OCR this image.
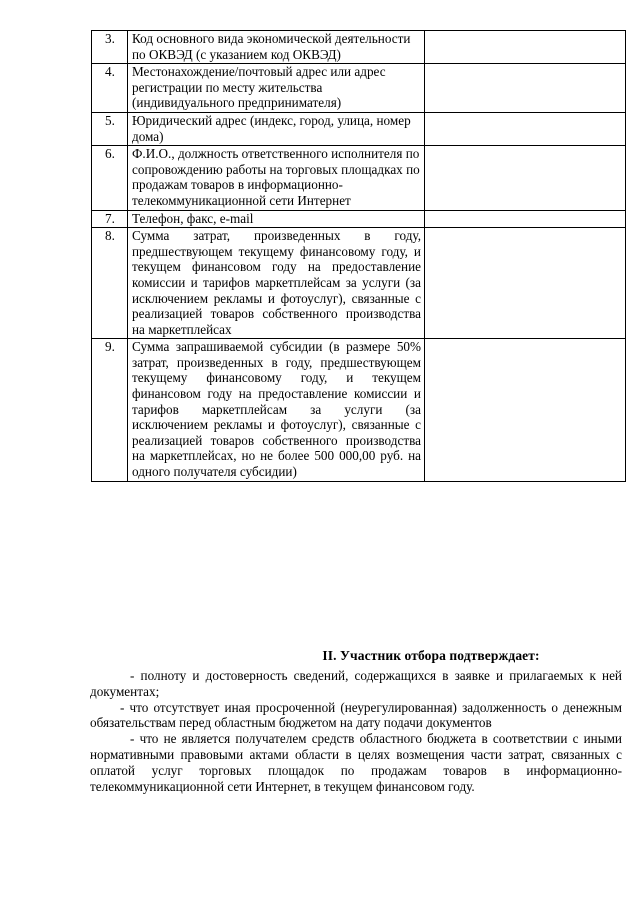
3.	Код основного вида экономической деятельности по ОКВЭД (с указанием код ОКВЭД)	
4.	Местонахождение/почтовый адрес или адрес регистрации по месту жительства (индивидуального предпринимателя)	
5.	Юридический адрес (индекс, город, улица, номер дома)	
6.	Ф.И.О., должность ответственного исполнителя по сопровождению работы на торговых площадках по продажам товаров в информационно-телекоммуникационной сети Интернет	
7.	Телефон, факс, e-mail	
8.	Сумма затрат, произведенных в году, предшествующем текущему финансовому году, и текущем финансовом году на предоставление комиссии и тарифов маркетплейсам за услуги (за исключением рекламы и фотоуслуг), связанные с реализацией товаров собственного производства на маркетплейсах	
9.	Сумма запрашиваемой субсидии (в размере 50% затрат, произведенных в году, предшествующем текущему финансовому году, и текущем финансовом году на предоставление комиссии и тарифов маркетплейсам за услуги (за исключением рекламы и фотоуслуг), связанные с реализацией товаров собственного производства на маркетплейсах, но не более 500 000,00 руб. на одного получателя субсидии)	
II. Участник отбора подтверждает:

- полноту и достоверность сведений, содержащихся в заявке и прилагаемых к ней документах;

- что отсутствует иная просроченной (неурегулированная) задолженность о денежным обязательствам перед областным бюджетом на дату подачи документов

- что не является получателем средств областного бюджета в соответствии с иными нормативными правовыми актами области в целях возмещения части затрат, связанных с оплатой услуг торговых площадок по продажам товаров в информационно-телекоммуникационной сети Интернет, в текущем финансовом году.
